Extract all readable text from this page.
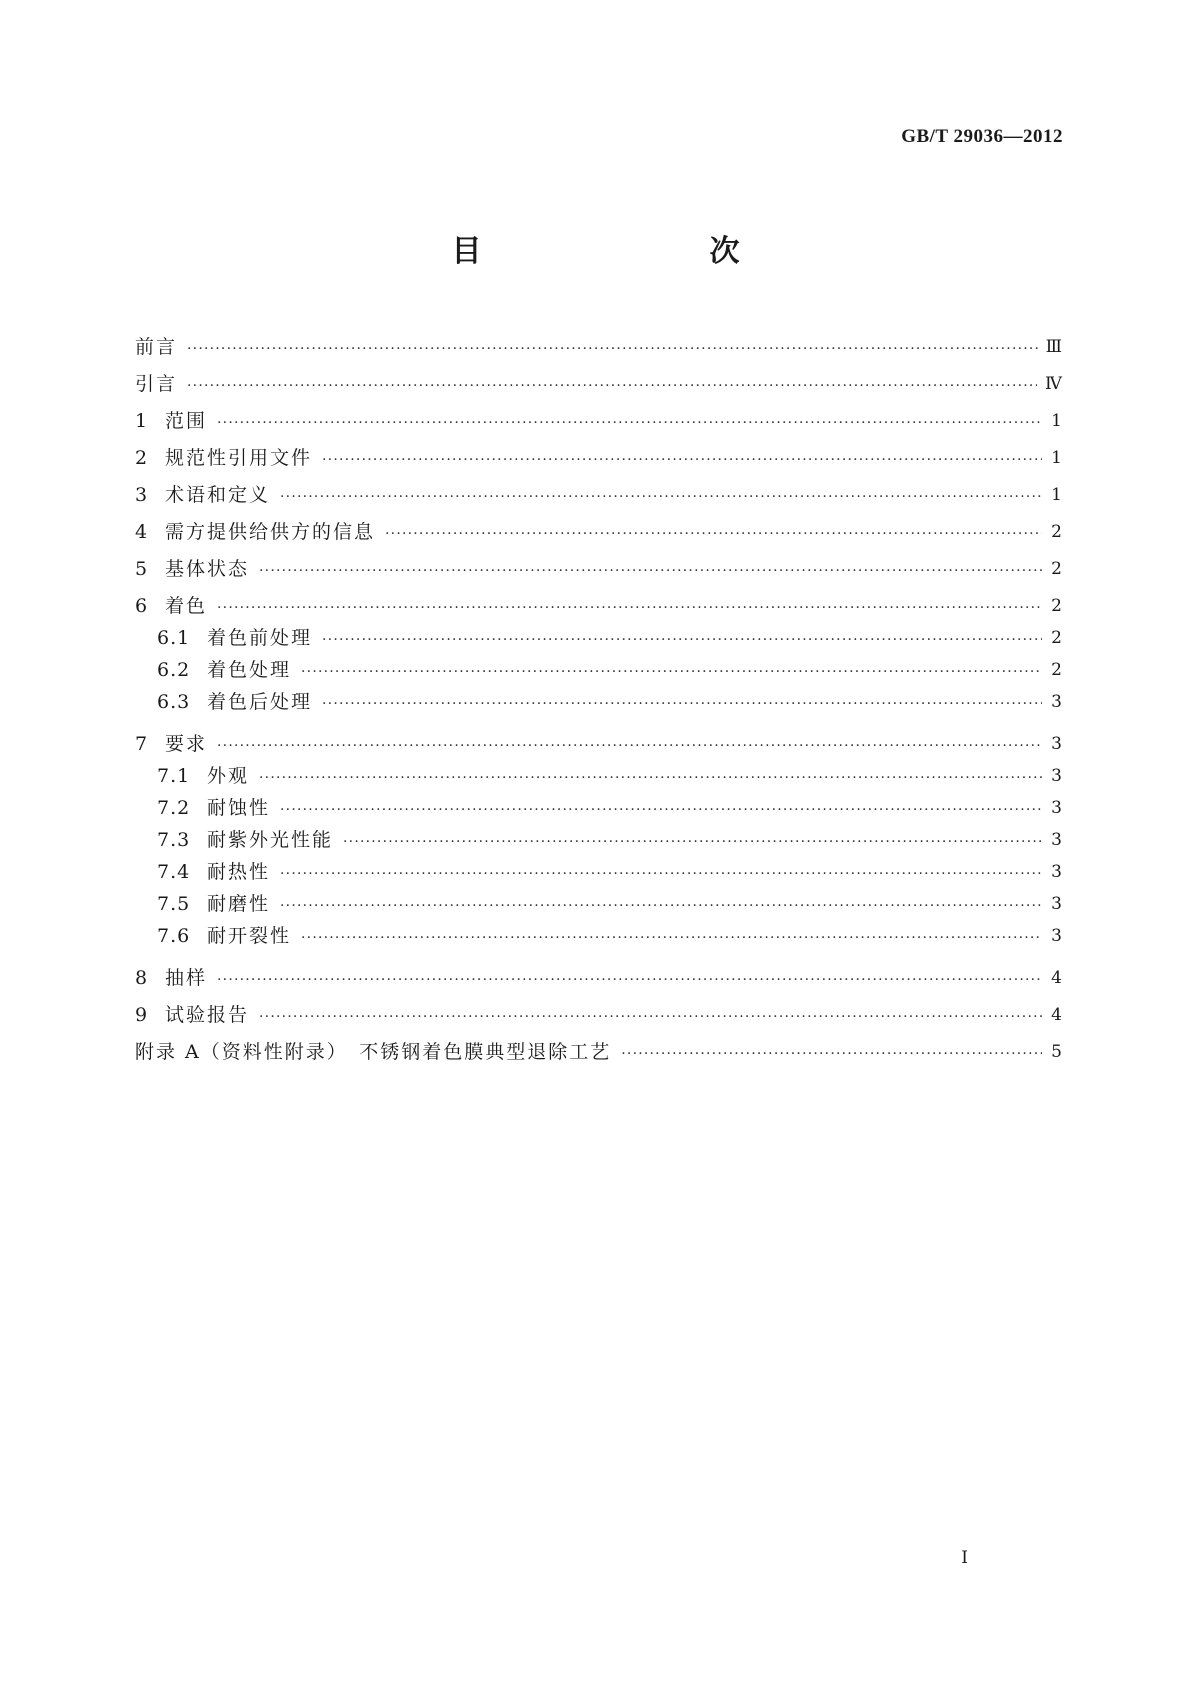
GB/T 29036—2012
目　　次
前言 ·····	Ⅲ
引言 ·····	Ⅳ
1 范围 ·····	1
2 规范性引用文件 ·····	1
3 术语和定义 ·····	1
4 需方提供给供方的信息 ·····	2
5 基体状态 ·····	2
6 着色 ·····	2
6.1 着色前处理 ·····	2
6.2 着色处理 ·····	2
6.3 着色后处理 ·····	3
7 要求 ·····	3
7.1 外观 ·····	3
7.2 耐蚀性 ·····	3
7.3 耐紫外光性能 ·····	3
7.4 耐热性 ·····	3
7.5 耐磨性 ·····	3
7.6 耐开裂性 ·····	3
8 抽样 ·····	4
9 试验报告 ·····	4
附录 A（资料性附录）　不锈钢着色膜典型退除工艺 ·····	5
I
